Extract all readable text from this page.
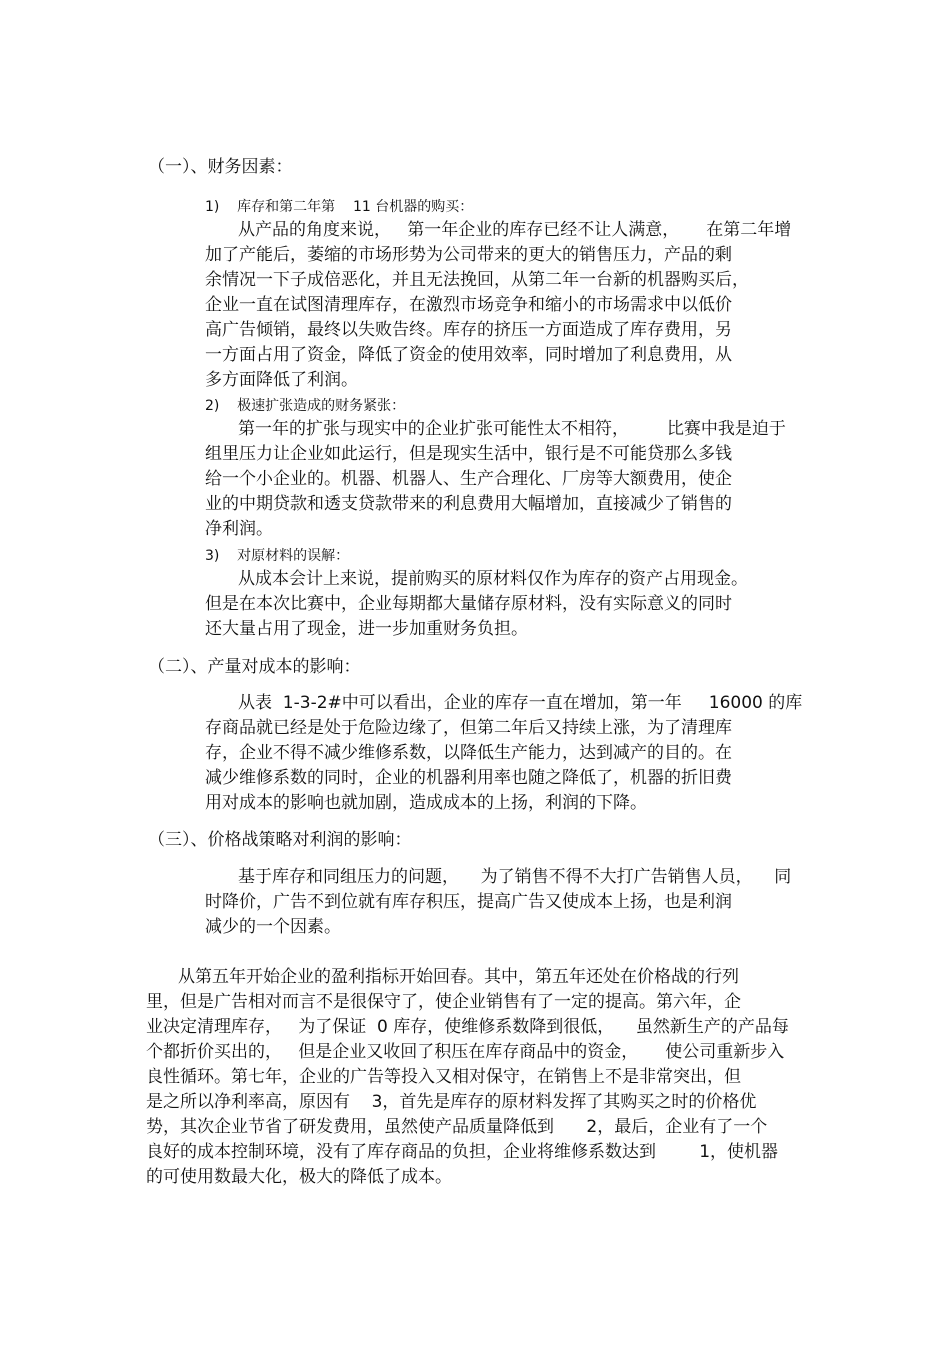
（一）、财务因素：
1)    库存和第二年第    11 台机器的购买：
从产品的角度来说，   第一年企业的库存已经不让人满意，     在第二年增
加了产能后，萎缩的市场形势为公司带来的更大的销售压力，产品的剩
余情况一下子成倍恶化，并且无法挽回，从第二年一台新的机器购买后，
企业一直在试图清理库存，在激烈市场竞争和缩小的市场需求中以低价
高广告倾销，最终以失败告终。库存的挤压一方面造成了库存费用，另
一方面占用了资金，降低了资金的使用效率，同时增加了利息费用，从
多方面降低了利润。
2)    极速扩张造成的财务紧张：
第一年的扩张与现实中的企业扩张可能性太不相符，       比赛中我是迫于
组里压力让企业如此运行，但是现实生活中，银行是不可能贷那么多钱
给一个小企业的。机器、机器人、生产合理化、厂房等大额费用，使企
业的中期贷款和透支贷款带来的利息费用大幅增加，直接减少了销售的
净利润。
3)    对原材料的误解：
从成本会计上来说，提前购买的原材料仅作为库存的资产占用现金。
但是在本次比赛中，企业每期都大量储存原材料，没有实际意义的同时
还大量占用了现金，进一步加重财务负担。
（二）、产量对成本的影响：
从表  1-3-2#中可以看出，企业的库存一直在增加，第一年     16000 的库
存商品就已经是处于危险边缘了，但第二年后又持续上涨，为了清理库
存，企业不得不减少维修系数，以降低生产能力，达到减产的目的。在
减少维修系数的同时，企业的机器利用率也随之降低了，机器的折旧费
用对成本的影响也就加剧，造成成本的上扬，利润的下降。
（三）、价格战策略对利润的影响：
基于库存和同组压力的问题，    为了销售不得不大打广告销售人员，    同
时降价，广告不到位就有库存积压，提高广告又使成本上扬，也是利润
减少的一个因素。
从第五年开始企业的盈利指标开始回春。其中，第五年还处在价格战的行列
里，但是广告相对而言不是很保守了，使企业销售有了一定的提高。第六年，企
业决定清理库存，   为了保证  0 库存，使维修系数降到很低，    虽然新生产的产品每
个都折价买出的，   但是企业又收回了积压在库存商品中的资金，     使公司重新步入
良性循环。第七年，企业的广告等投入又相对保守，在销售上不是非常突出，但
是之所以净利率高，原因有    3，首先是库存的原材料发挥了其购买之时的价格优
势，其次企业节省了研发费用，虽然使产品质量降低到      2，最后，企业有了一个
良好的成本控制环境，没有了库存商品的负担，企业将维修系数达到        1，使机器
的可使用数最大化，极大的降低了成本。
